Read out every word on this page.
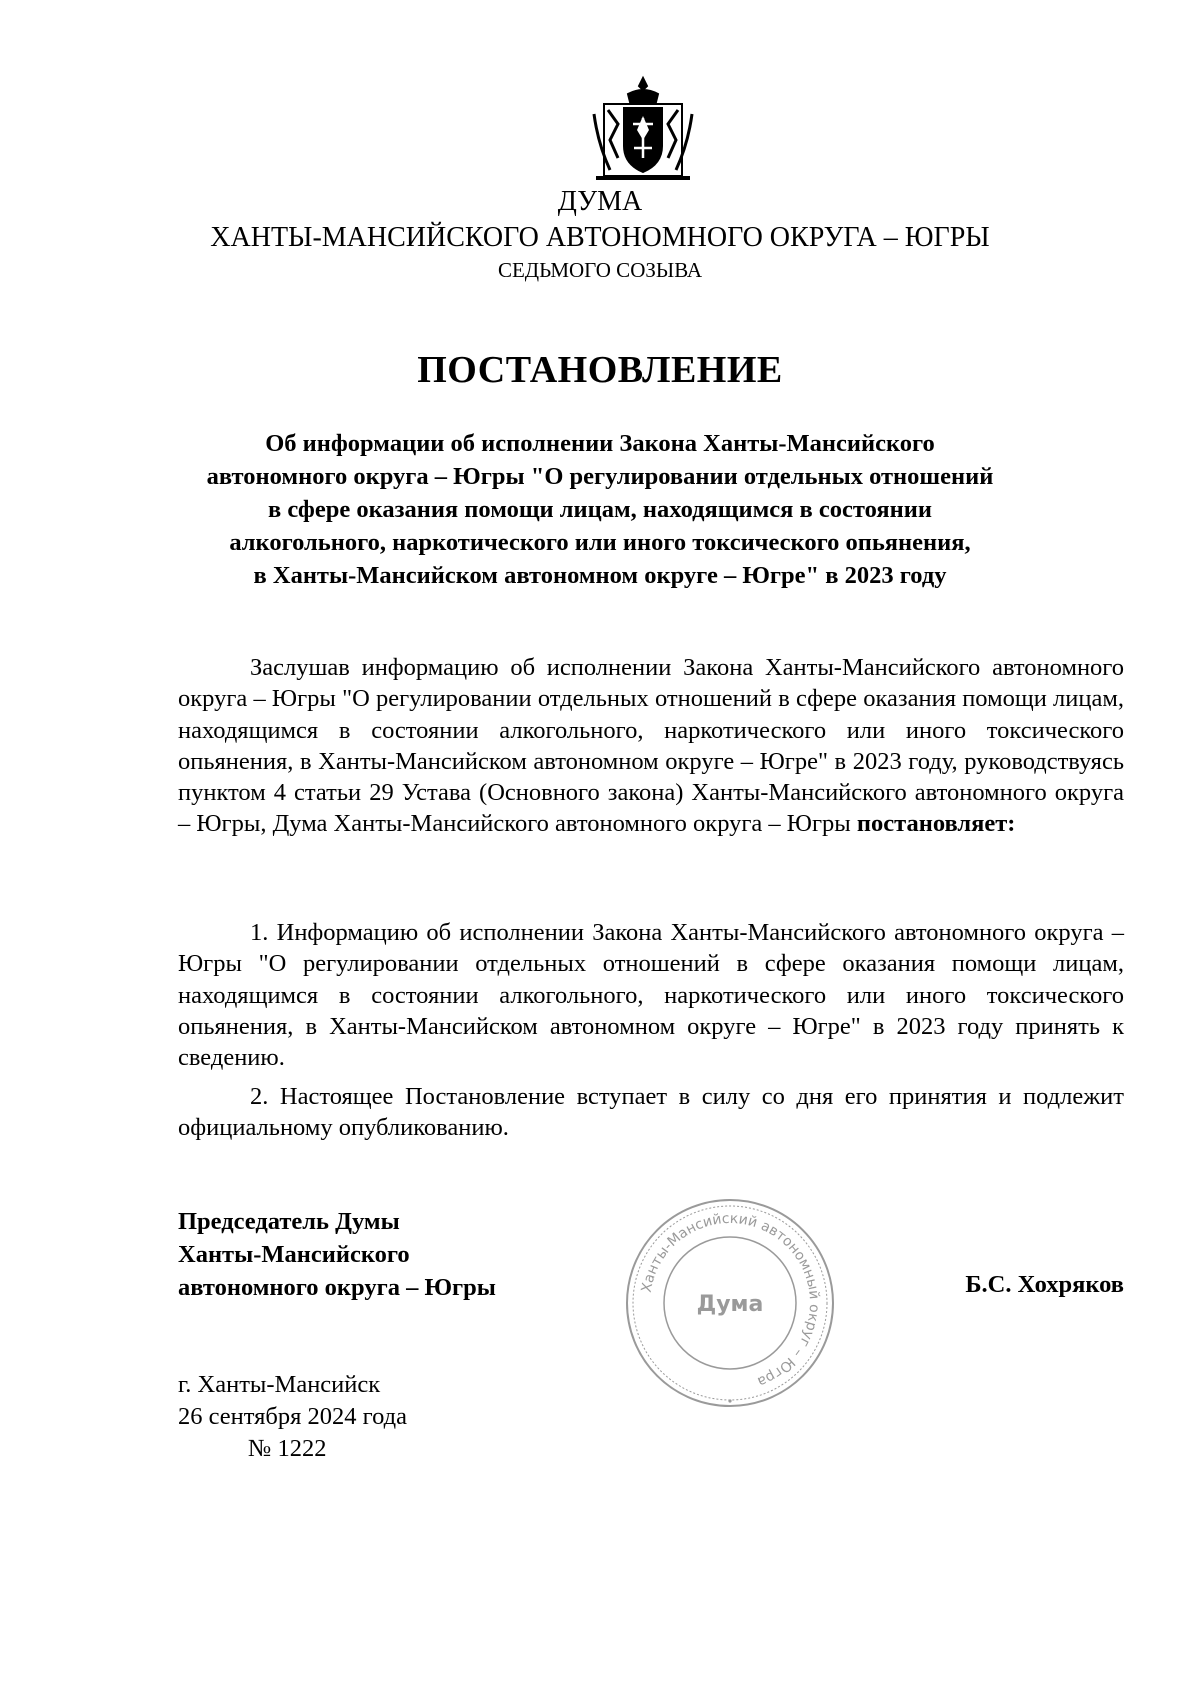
ДУМА
ХАНТЫ-МАНСИЙСКОГО АВТОНОМНОГО ОКРУГА – ЮГРЫ
СЕДЬМОГО СОЗЫВА
ПОСТАНОВЛЕНИЕ
Об информации об исполнении Закона Ханты-Мансийского
автономного округа – Югры "О регулировании отдельных отношений
в сфере оказания помощи лицам, находящимся в состоянии
алкогольного, наркотического или иного токсического опьянения,
в Ханты-Мансийском автономном округе – Югре" в 2023 году

Заслушав информацию об исполнении Закона Ханты-Мансийского автономного округа – Югры "О регулировании отдельных отношений в сфере оказания помощи лицам, находящимся в состоянии алкогольного, наркотического или иного токсического опьянения, в Ханты-Мансийском автономном округе – Югре" в 2023 году, руководствуясь пунктом 4 статьи 29 Устава (Основного закона) Ханты-Мансийского автономного округа – Югры, Дума Ханты-Мансийского автономного округа – Югры постановляет:

1. Информацию об исполнении Закона Ханты-Мансийского автономного округа – Югры "О регулировании отдельных отношений в сфере оказания помощи лицам, находящимся в состоянии алкогольного, наркотического или иного токсического опьянения, в Ханты-Мансийском автономном округе – Югре" в 2023 году принять к сведению.

2. Настоящее Постановление вступает в силу со дня его принятия и подлежит официальному опубликованию.

Председатель Думы
Ханты-Мансийского
автономного округа – Югры	Ханты-Мансийский автономный округ – Югра
Дума
Б.С. Хохряков
г. Ханты-Мансийск
26 сентября 2024 года
№ 1222
